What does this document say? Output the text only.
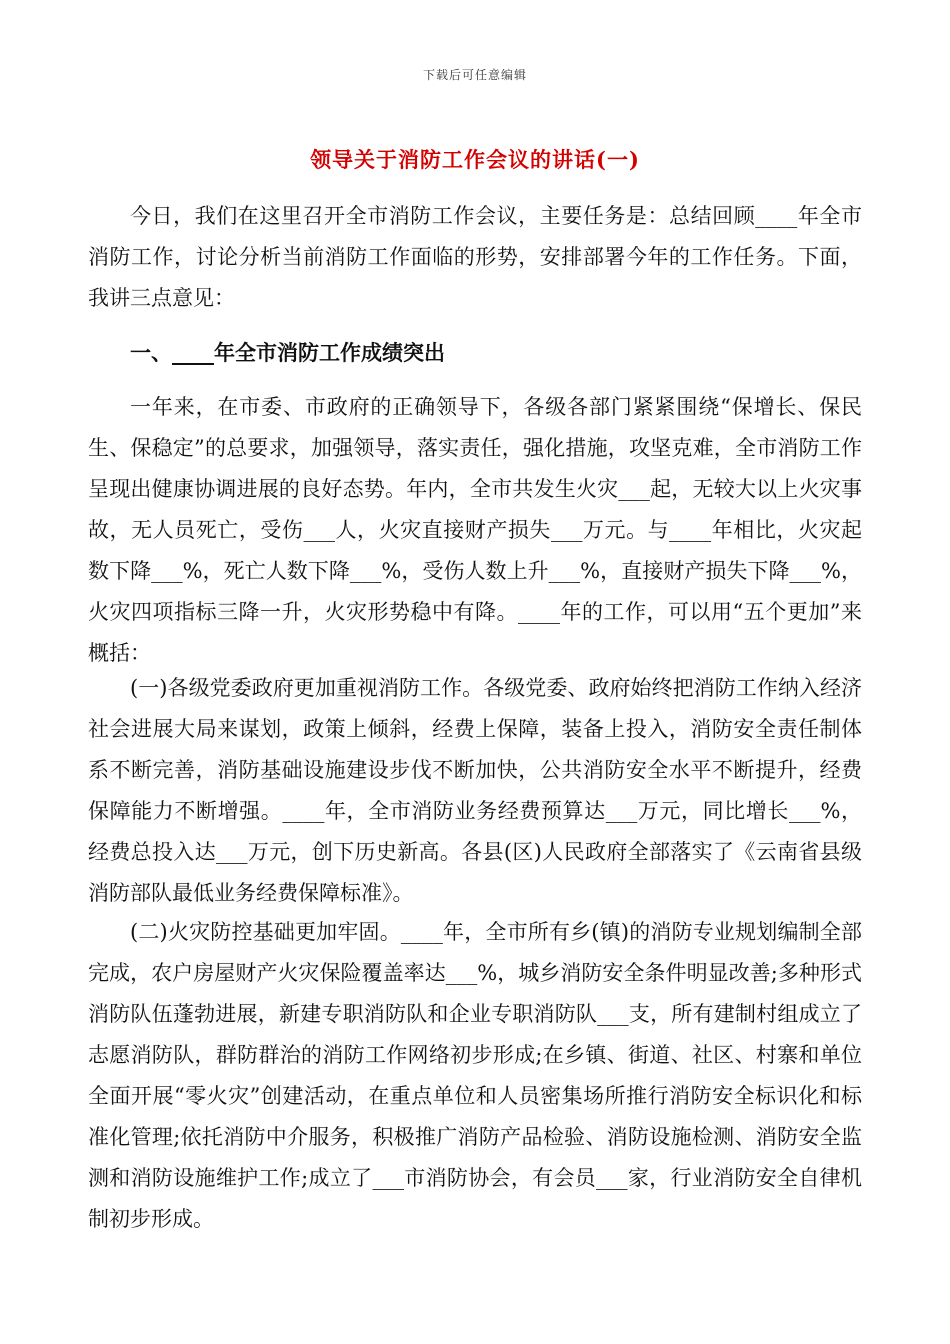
下载后可任意编辑
领导关于消防工作会议的讲话(一)

今日，我们在这里召开全市消防工作会议，主要任务是：总结回顾____年全市消防工作，讨论分析当前消防工作面临的形势，安排部署今年的工作任务。下面，我讲三点意见：

一、____年全市消防工作成绩突出

一年来，在市委、市政府的正确领导下，各级各部门紧紧围绕“保增长、保民生、保稳定”的总要求，加强领导，落实责任，强化措施，攻坚克难，全市消防工作呈现出健康协调进展的良好态势。年内，全市共发生火灾___起，无较大以上火灾事故，无人员死亡，受伤___人，火灾直接财产损失___万元。与____年相比，火灾起数下降___%，死亡人数下降___%，受伤人数上升___%，直接财产损失下降___%，火灾四项指标三降一升，火灾形势稳中有降。____年的工作，可以用“五个更加”来概括：

(一)各级党委政府更加重视消防工作。各级党委、政府始终把消防工作纳入经济社会进展大局来谋划，政策上倾斜，经费上保障，装备上投入，消防安全责任制体系不断完善，消防基础设施建设步伐不断加快，公共消防安全水平不断提升，经费保障能力不断增强。____年，全市消防业务经费预算达___万元，同比增长___%，经费总投入达___万元，创下历史新高。各县(区)人民政府全部落实了《云南省县级消防部队最低业务经费保障标准》。

(二)火灾防控基础更加牢固。____年，全市所有乡(镇)的消防专业规划编制全部完成，农户房屋财产火灾保险覆盖率达___%，城乡消防安全条件明显改善;多种形式消防队伍蓬勃进展，新建专职消防队和企业专职消防队___支，所有建制村组成立了志愿消防队，群防群治的消防工作网络初步形成;在乡镇、街道、社区、村寨和单位全面开展“零火灾”创建活动，在重点单位和人员密集场所推行消防安全标识化和标准化管理;依托消防中介服务，积极推广消防产品检验、消防设施检测、消防安全监测和消防设施维护工作;成立了___市消防协会，有会员___家，行业消防安全自律机制初步形成。
